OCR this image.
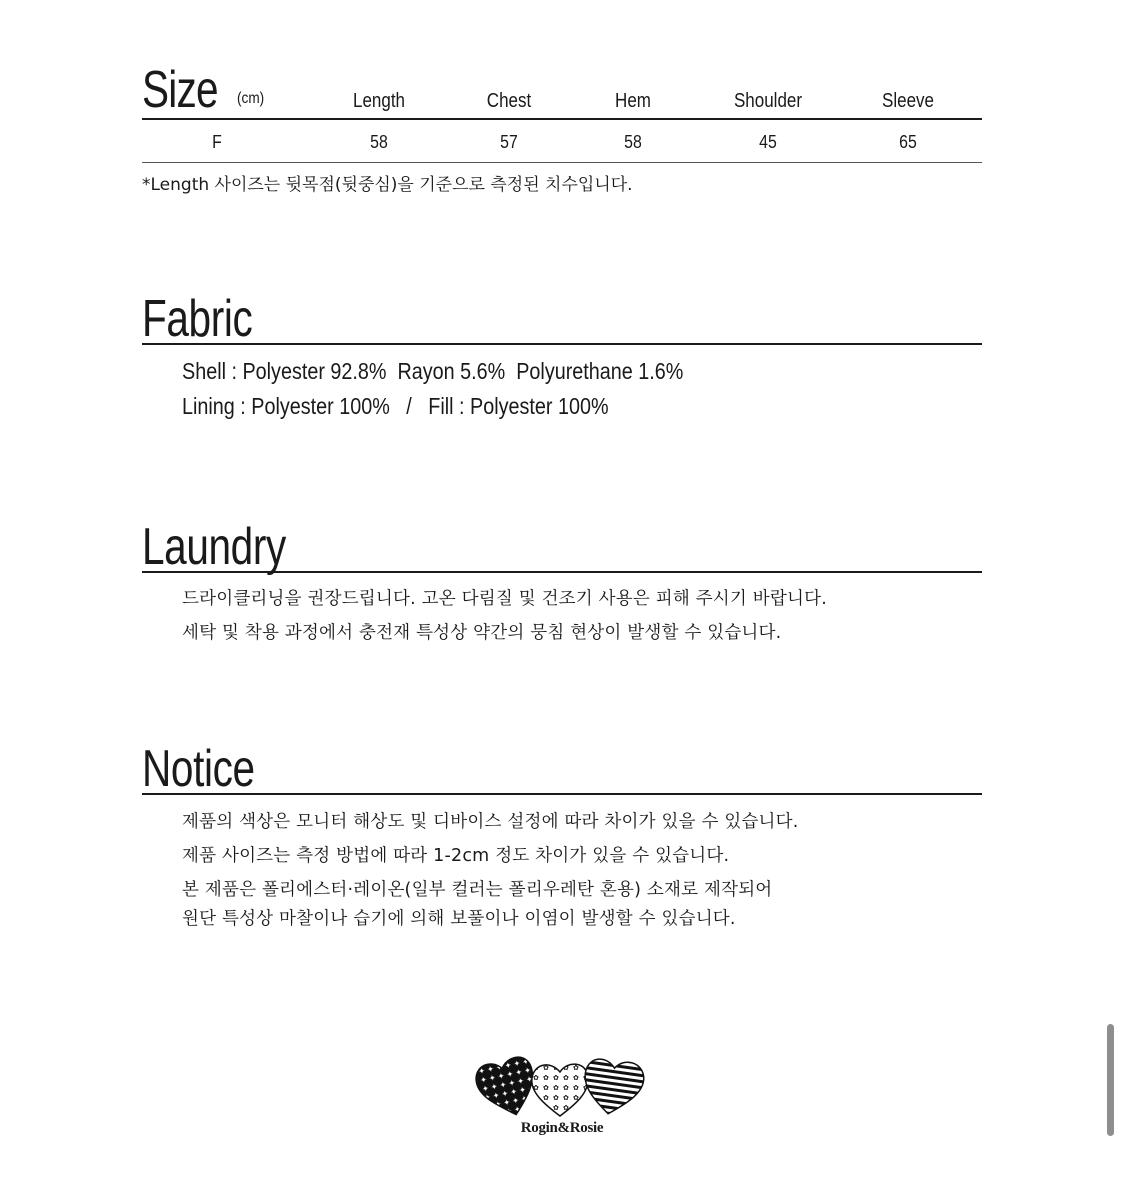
Size (cm)	Length	Chest	Hem	Shoulder	Sleeve
F	58	57	58	45	65
*Length 사이즈는 뒷목점(뒷중심)을 기준으로 측정된 치수입니다.
Fabric
Shell : Polyester 92.8%  Rayon 5.6%  Polyurethane 1.6%
Lining : Polyester 100%   /   Fill : Polyester 100%
Laundry
드라이클리닝을 권장드립니다. 고온 다림질 및 건조기 사용은 피해 주시기 바랍니다.
세탁 및 착용 과정에서 충전재 특성상 약간의 뭉침 현상이 발생할 수 있습니다.
Notice
제품의 색상은 모니터 해상도 및 디바이스 설정에 따라 차이가 있을 수 있습니다.
제품 사이즈는 측정 방법에 따라 1-2cm 정도 차이가 있을 수 있습니다.
본 제품은 폴리에스터·레이온(일부 컬러는 폴리우레탄 혼용) 소재로 제작되어
원단 특성상 마찰이나 습기에 의해 보풀이나 이염이 발생할 수 있습니다.
Rogin&Rosie
